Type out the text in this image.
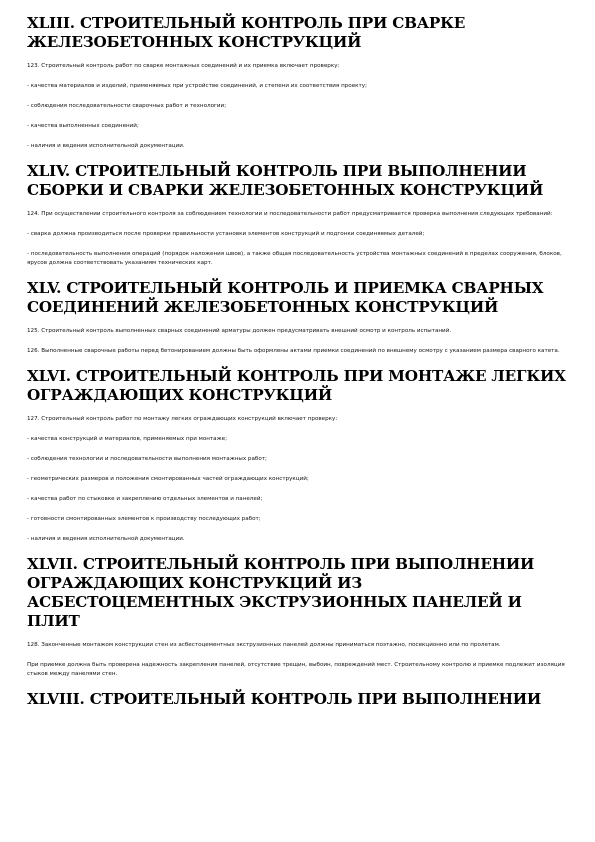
XLIII. СТРОИТЕЛЬНЫЙ КОНТРОЛЬ ПРИ СВАРКЕ ЖЕЛЕЗОБЕТОННЫХ КОНСТРУКЦИЙ

123. Строительный контроль работ по сварке монтажных соединений и их приемка включает проверку:

- качества материалов и изделий, применяемых при устройстве соединений, и степени их соответствия проекту;

- соблюдения последовательности сварочных работ и технологии;

- качества выполненных соединений;

- наличия и ведения исполнительной документации.

XLIV. СТРОИТЕЛЬНЫЙ КОНТРОЛЬ ПРИ ВЫПОЛНЕНИИ СБОРКИ И СВАРКИ ЖЕЛЕЗОБЕТОННЫХ КОНСТРУКЦИЙ

124. При осуществлении строительного контроля за соблюдением технологии и последовательности работ предусматривается проверка выполнения следующих требований:

- сварка должна производиться после проверки правильности установки элементов конструкций и подгонки соединяемых деталей;

- последовательность выполнения операций (порядок наложения швов), а также общая последовательность устройства монтажных соединений в пределах сооружения, блоков, ярусов должна соответствовать указаниям технических карт.

XLV. СТРОИТЕЛЬНЫЙ КОНТРОЛЬ И ПРИЕМКА СВАРНЫХ СОЕДИНЕНИЙ ЖЕЛЕЗОБЕТОННЫХ КОНСТРУКЦИЙ

125. Строительный контроль выполненных сварных соединений арматуры должен предусматривать внешний осмотр и контроль испытаний.

126. Выполненные сварочные работы перед бетонированием должны быть оформлены актами приемки соединений по внешнему осмотру с указанием размера сварного катета.

XLVI. СТРОИТЕЛЬНЫЙ КОНТРОЛЬ ПРИ МОНТАЖЕ ЛЕГКИХ ОГРАЖДАЮЩИХ КОНСТРУКЦИЙ

127. Строительный контроль работ по монтажу легких ограждающих конструкций включает проверку:

- качества конструкций и материалов, применяемых при монтаже;

- соблюдения технологии и последовательности выполнения монтажных работ;

- геометрических размеров и положения смонтированных частей ограждающих конструкций;

- качества работ по стыковке и закреплению отдельных элементов и панелей;

- готовности смонтированных элементов к производству последующих работ;

- наличия и ведения исполнительной документации.

XLVII. СТРОИТЕЛЬНЫЙ КОНТРОЛЬ ПРИ ВЫПОЛНЕНИИ ОГРАЖДАЮЩИХ КОНСТРУКЦИЙ ИЗ АСБЕСТОЦЕМЕНТНЫХ ЭКСТРУЗИОННЫХ ПАНЕЛЕЙ И ПЛИТ

128. Законченные монтажом конструкции стен из асбестоцементных экструзионных панелей должны приниматься поэтажно, посекционно или по пролетам.

При приемке должна быть проверена надежность закрепления панелей, отсутствие трещин, выбоин, повреждений мест. Строительному контролю и приемке подлежит изоляция стыков между панелями стен.

XLVIII. СТРОИТЕЛЬНЫЙ КОНТРОЛЬ ПРИ ВЫПОЛНЕНИИ
